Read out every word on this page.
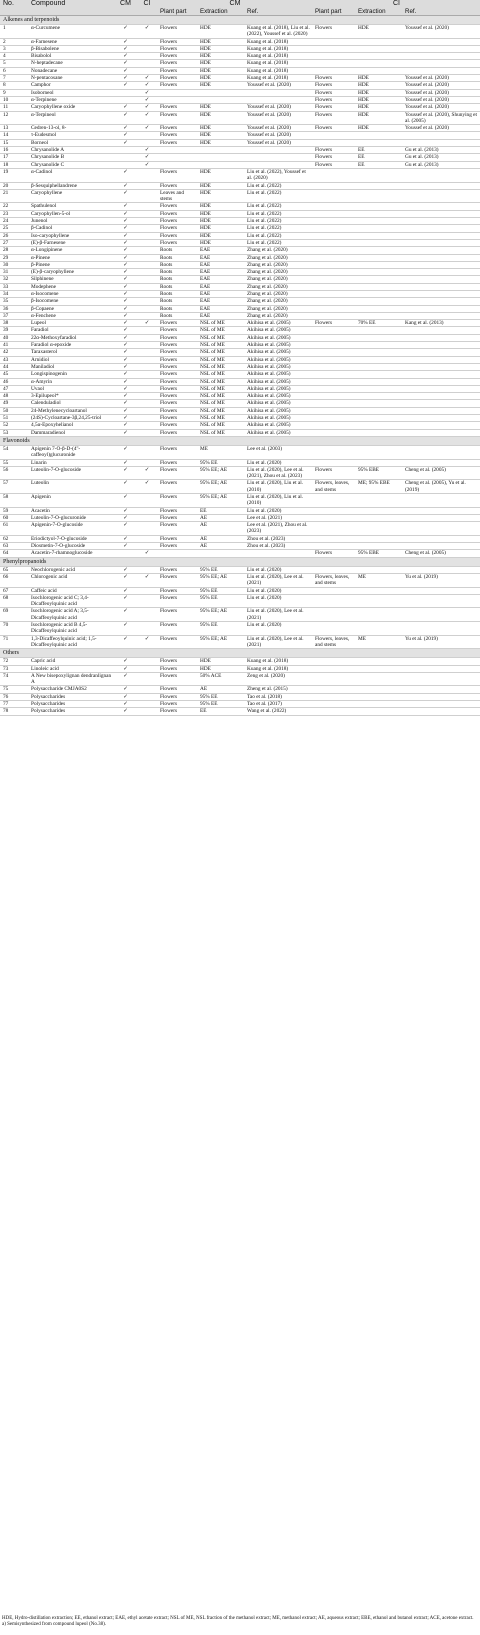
No.	Compound	CM	CI	CM			CI		
				Plant part	Extraction	Ref.	Plant part	Extraction	Ref.
Alkenes and terpenoids									
1	α-Curcumene	✓	✓	Flowers	HDE	Kuang et al. (2018), Liu et al. (2022), Youssef et al. (2020)	Flowers	HDE	Youssef et al. (2020)
2	α-Farnesene	✓		Flowers	HDE	Kuang et al. (2018)			
3	β-Bisabolene	✓		Flowers	HDE	Kuang et al. (2018)			
4	Bisabolol	✓		Flowers	HDE	Kuang et al. (2018)			
5	N-heptadecane	✓		Flowers	HDE	Kuang et al. (2018)			
6	Nonadecane	✓		Flowers	HDE	Kuang et al. (2018)			
7	N-pentacosane	✓	✓	Flowers	HDE	Kuang et al. (2018)	Flowers	HDE	Youssef et al. (2020)
8	Camphor	✓	✓	Flowers	HDE	Youssef et al. (2020)	Flowers	HDE	Youssef et al. (2020)
9	Isoborneol		✓				Flowers	HDE	Youssef et al. (2020)
10	α-Terpinene		✓				Flowers	HDE	Youssef et al. (2020)
11	Caryophyllene oxide	✓	✓	Flowers	HDE	Youssef et al. (2020)	Flowers	HDE	Youssef et al. (2020)
12	α-Terpineol	✓	✓	Flowers	HDE	Youssef et al. (2020)	Flowers	HDE	Youssef et al. (2020), Shunying et al. (2005)
13	Cedren-13-ol, 8-	✓	✓	Flowers	HDE	Youssef et al. (2020)	Flowers	HDE	Youssef et al. (2020)
14	τ-Eudesmol	✓		Flowers	HDE	Youssef et al. (2020)			
15	Borneol	✓		Flowers	HDE	Youssef et al. (2020)			
16	Chrysanolide A		✓				Flowers	EE	Gu et al. (2013)
17	Chrysanolide B		✓				Flowers	EE	Gu et al. (2013)
18	Chrysanolide C		✓				Flowers	EE	Gu et al. (2013)
19	α-Cadinol	✓		Flowers	HDE	Liu et al. (2022), Youssef et al. (2020)			
20	β-Sesquiphellandrene	✓		Flowers	HDE	Liu et al. (2022)			
21	Caryophyllene	✓		Leaves and stems	HDE	Liu et al. (2022)			
22	Spathulenol	✓		Flowers	HDE	Liu et al. (2022)			
23	Caryophyllen-5-ol	✓		Flowers	HDE	Liu et al. (2022)			
24	Junenol	✓		Flowers	HDE	Liu et al. (2022)			
25	β-Cadinol	✓		Flowers	HDE	Liu et al. (2022)			
26	Iso-caryophyllene	✓		Flowers	HDE	Liu et al. (2022)			
27	(E)-β-Farnesene	✓		Flowers	HDE	Liu et al. (2022)			
28	α-Longipinene	✓		Roots	EAE	Zhang et al. (2020)			
29	α-Pinene	✓		Roots	EAE	Zhang et al. (2020)			
30	β-Pinene	✓		Roots	EAE	Zhang et al. (2020)			
31	(E)-β-caryophyllene	✓		Roots	EAE	Zhang et al. (2020)			
32	Silphinene	✓		Roots	EAE	Zhang et al. (2020)			
33	Modephene	✓		Roots	EAE	Zhang et al. (2020)			
34	α-Isocomene	✓		Roots	EAE	Zhang et al. (2020)			
35	β-Isocomene	✓		Roots	EAE	Zhang et al. (2020)			
36	β-Copaene	✓		Roots	EAE	Zhang et al. (2020)			
37	α-Fenchene	✓		Roots	EAE	Zhang et al. (2020)			
38	Lupeol	✓	✓	Flowers	NSL of ME	Akihisa et al. (2005)	Flowers	70% EE	Kang et al. (2013)
39	Faradiol	✓		Flowers	NSL of ME	Akihisa et al. (2005)			
40	22α-Methoxyfaradiol	✓		Flowers	NSL of ME	Akihisa et al. (2005)			
41	Faradiol α-epoxide	✓		Flowers	NSL of ME	Akihisa et al. (2005)			
42	Taraxasterol	✓		Flowers	NSL of ME	Akihisa et al. (2005)			
43	Arnidiol	✓		Flowers	NSL of ME	Akihisa et al. (2005)			
44	Maniladiol	✓		Flowers	NSL of ME	Akihisa et al. (2005)			
45	Longispinogenin	✓		Flowers	NSL of ME	Akihisa et al. (2005)			
46	α-Amyrin	✓		Flowers	NSL of ME	Akihisa et al. (2005)			
47	Uvaol	✓		Flowers	NSL of ME	Akihisa et al. (2005)			
48	3-Epilupeol*	✓		Flowers	NSL of ME	Akihisa et al. (2005)			
49	Calenduladiol	✓		Flowers	NSL of ME	Akihisa et al. (2005)			
50	24-Methylenecycloartanol	✓		Flowers	NSL of ME	Akihisa et al. (2005)			
51	(24S)-Cycloartane-3β,24,25-triol	✓		Flowers	NSL of ME	Akihisa et al. (2005)			
52	4,5α-Epoxyhelianol	✓		Flowers	NSL of ME	Akihisa et al. (2005)			
53	Dammaradienol	✓		Flowers	NSL of ME	Akihisa et al. (2005)			
Flavonoids									
54	Apigenin 7-O-β-D-(4''-caffeoyl)glucuronide	✓		Flowers	ME	Lee et al. (2003)			
55	Linarin	✓		Flowers	95% EE	Liu et al. (2020)			
56	Luteolin-7-O-glucoside	✓	✓	Flowers	95% EE; AE	Liu et al. (2020), Lee et al. (2021), Zhou et al. (2023)	Flowers	95% EBE	Cheng et al. (2005)
57	Luteolin	✓	✓	Flowers	95% EE; AE	Liu et al. (2020), Liu et al. (2010)	Flowers, leaves, and stems	ME; 95% EBE	Cheng et al. (2005), Yu et al. (2019)
58	Apigenin	✓		Flowers	95% EE; AE	Liu et al. (2020), Liu et al. (2010)			
59	Acacetin	✓		Flowers	EE	Liu et al. (2020)			
60	Luteolin-7-O-glucuronide	✓		Flowers	AE	Lee et al. (2021)			
61	Apigenin-7-O-glucoside	✓		Flowers	AE	Lee et al. (2021), Zhou et al. (2023)			
62	Eriodictyol-7-O-glucoside	✓		Flowers	AE	Zhou et al. (2023)			
63	Diosmetin-7-O-glucoside	✓		Flowers	AE	Zhou et al. (2023)			
64	Acacetin-7-rhamnoglucoside		✓				Flowers	95% EBE	Cheng et al. (2005)
Phenylpropanoids									
65	Neochlorogenic acid	✓		Flowers	95% EE	Liu et al. (2020)			
66	Chlorogenic acid	✓	✓	Flowers	95% EE; AE	Liu et al. (2020), Lee et al. (2021)	Flowers, leaves, and stems	ME	Yu et al. (2019)
67	Caffeic acid	✓		Flowers	95% EE	Liu et al. (2020)			
68	Isochlorogenic acid C; 3,4-Dicaffeoylquinic acid	✓		Flowers	95% EE	Liu et al. (2020)			
69	Isochlorogenic acid A; 3,5-Dicaffeoylquinic acid	✓		Flowers	95% EE; AE	Liu et al. (2020), Lee et al. (2021)			
70	Isochlorogenic acid B 4,5-Dicaffeoylquinic acid	✓		Flowers	95% EE	Liu et al. (2020)			
71	1,3-Dicaffeoylquinic acid; 1,5-Dicaffeoylquinic acid	✓	✓	Flowers	95% EE; AE	Liu et al. (2020), Lee et al. (2021)	Flowers, leaves, and stems	ME	Yu et al. (2019)
Others									
72	Capric acid	✓		Flowers	HDE	Kuang et al. (2018)			
73	Linoleic acid	✓		Flowers	HDE	Kuang et al. (2018)			
74	A New bisepoxylignan dendranlignan A	✓		Flowers	50% ACE	Zeng et al. (2020)			
75	Polysaccharide CMJA0S2	✓		Flowers	AE	Zheng et al. (2015)			
76	Polysaccharides	✓		Flowers	95% EE	Tao et al. (2018)			
77	Polysaccharides	✓		Flowers	95% EE	Tao et al. (2017)			
78	Polysaccharides	✓		Flowers	EE	Wang et al. (2022)			
HDE, Hydro-distillation extraction; EE, ethanol extract; EAE, ethyl acetate extract; NSL of ME, NSL fraction of the methanol extract; ME, methanol extract; AE, aqueous extract; EBE, ethanol and butanol extract; ACE, acetone extract. a) Semisynthesized from compound lupeol (No.38).
